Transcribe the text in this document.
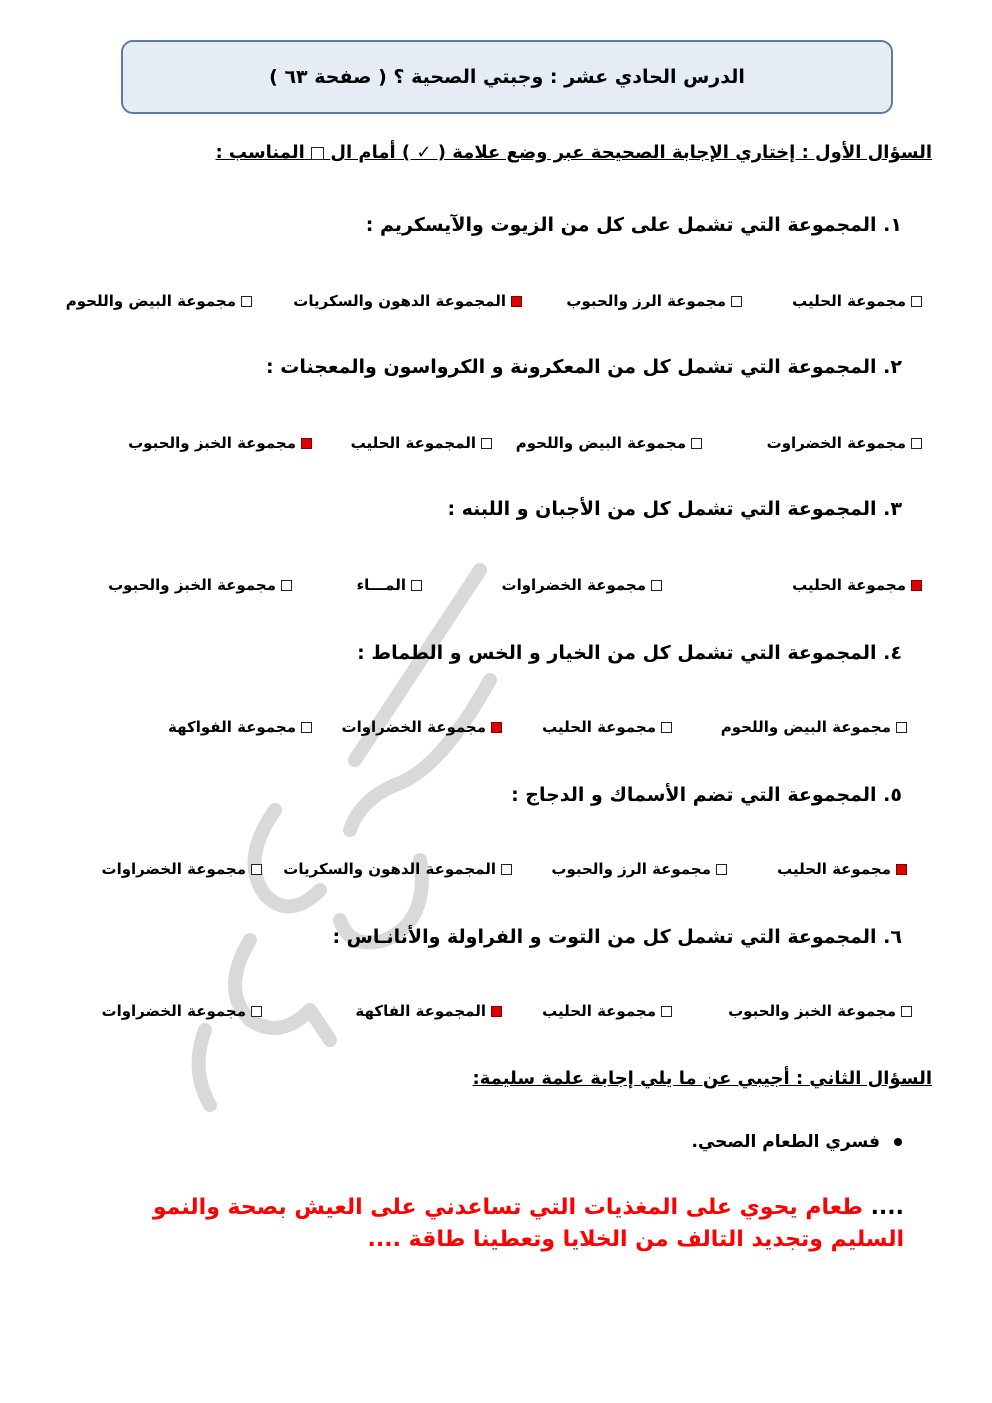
الدرس الحادي عشر : وجبتي الصحية ؟ ( صفحة ٦٣ )
السؤال الأول : إختاري الإجابة الصحيحة عبر وضع علامة ( ✓ ) أمام ال  المناسب :
١. المجموعة التي تشمل على كل من الزيوت والآيسكريم :
مجموعة الحليب
مجموعة الرز والحبوب
المجموعة الدهون والسكريات
مجموعة البيض واللحوم
٢. المجموعة التي تشمل كل من المعكرونة و الكرواسون والمعجنات :
مجموعة الخضراوت
مجموعة البيض واللحوم
المجموعة الحليب
مجموعة الخبز والحبوب
٣. المجموعة التي تشمل كل من الأجبان و اللبنه :
مجموعة الحليب
مجموعة الخضراوات
المـــاء
مجموعة الخبز والحبوب
٤. المجموعة التي تشمل كل من الخيار و الخس و الطماط :
مجموعة البيض واللحوم
مجموعة الحليب
مجموعة الخضراوات
مجموعة الفواكهة
٥. المجموعة التي تضم الأسماك و الدجاج :
مجموعة الحليب
مجموعة الرز والحبوب
المجموعة الدهون والسكريات
مجموعة الخضراوات
٦. المجموعة التي تشمل كل من التوت و الفراولة والأنانـاس :
مجموعة الخبز والحبوب
مجموعة الحليب
المجموعة الفاكهة
مجموعة الخضراوات
السؤال الثاني : أجيبي عن ما يلي إجابة علمة سليمة:
فسري الطعام الصحي.
.... طعام يحوي على المغذيات التي تساعدني على العيش بصحة والنمو السليم وتجديد التالف من الخلايا وتعطينا طاقة ....
